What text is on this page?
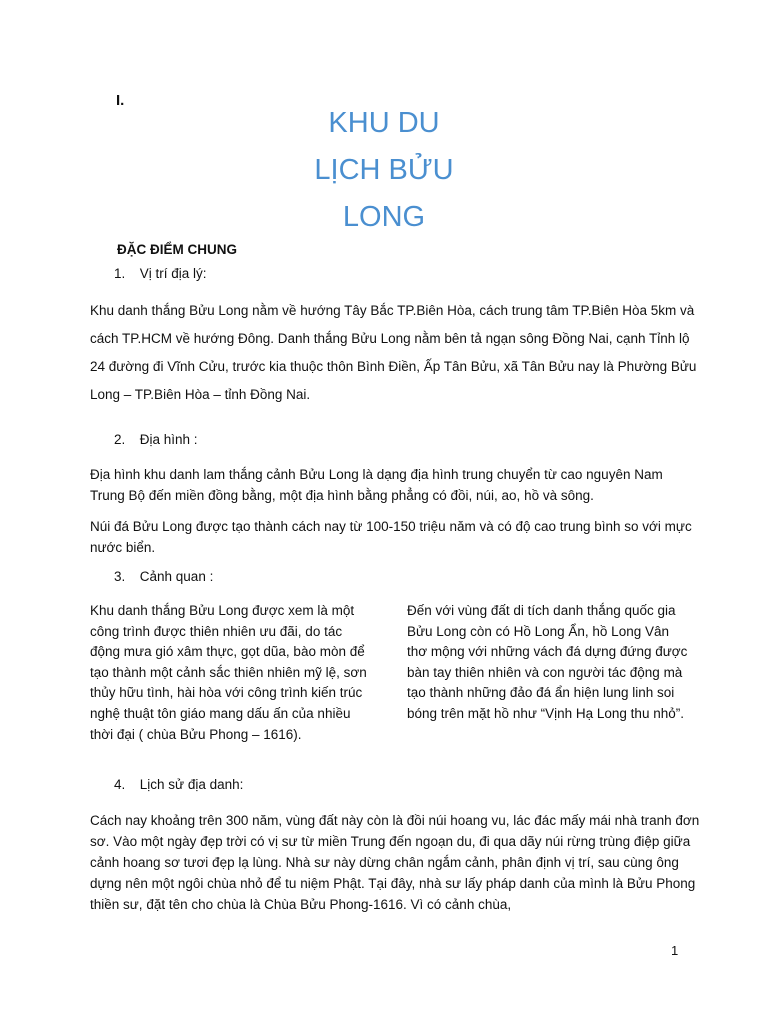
I.
KHU DU
LỊCH BỬU
LONG
ĐẶC ĐIỂM CHUNG
1. Vị trí địa lý:
Khu danh thắng Bửu Long nằm về hướng Tây Bắc TP.Biên Hòa, cách trung tâm TP.Biên Hòa 5km và cách TP.HCM về hướng Đông. Danh thắng Bửu Long nằm bên tả ngạn sông Đồng Nai, cạnh Tỉnh lộ 24 đường đi Vĩnh Cửu, trước kia thuộc thôn Bình Điền, Ấp Tân Bửu, xã Tân Bửu nay là Phường Bửu Long – TP.Biên Hòa – tỉnh Đồng Nai.
2. Địa hình :
Địa hình khu danh lam thắng cảnh Bửu Long là dạng địa hình trung chuyển từ cao nguyên Nam Trung Bộ đến miền đồng bằng, một địa hình bằng phẳng có đồi, núi, ao, hồ và sông.
Núi đá Bửu Long được tạo thành cách nay từ 100-150 triệu năm và có độ cao trung bình so với mực nước biển.
3. Cảnh quan :
Khu danh thắng Bửu Long được xem là một công trình được thiên nhiên ưu đãi, do tác động mưa gió xâm thực, gọt dũa, bào mòn để tạo thành một cảnh sắc thiên nhiên mỹ lệ, sơn thủy hữu tình, hài hòa với công trình kiến trúc nghệ thuật tôn giáo mang dấu ấn của nhiều thời đại ( chùa Bửu Phong – 1616).
Đến với vùng đất di tích danh thắng quốc gia Bửu Long còn có Hồ Long Ẩn, hồ Long Vân thơ mộng với những vách đá dựng đứng được bàn tay thiên nhiên và con người tác động mà tạo thành những đảo đá ẩn hiện lung linh soi bóng trên mặt hồ như “Vịnh Hạ Long thu nhỏ”.
4. Lịch sử địa danh:
Cách nay khoảng trên 300 năm, vùng đất này còn là đồi núi hoang vu, lác đác mấy mái nhà tranh đơn sơ. Vào một ngày đẹp trời có vị sư từ miền Trung đến ngoạn du, đi qua dãy núi rừng trùng điệp giữa cảnh hoang sơ tươi đẹp lạ lùng. Nhà sư này dừng chân ngắm cảnh, phân định vị trí, sau cùng ông dựng nên một ngôi chùa nhỏ để tu niệm Phật. Tại đây, nhà sư lấy pháp danh của mình là Bửu Phong thiền sư, đặt tên cho chùa là Chùa Bửu Phong-1616. Vì có cảnh chùa,
1
